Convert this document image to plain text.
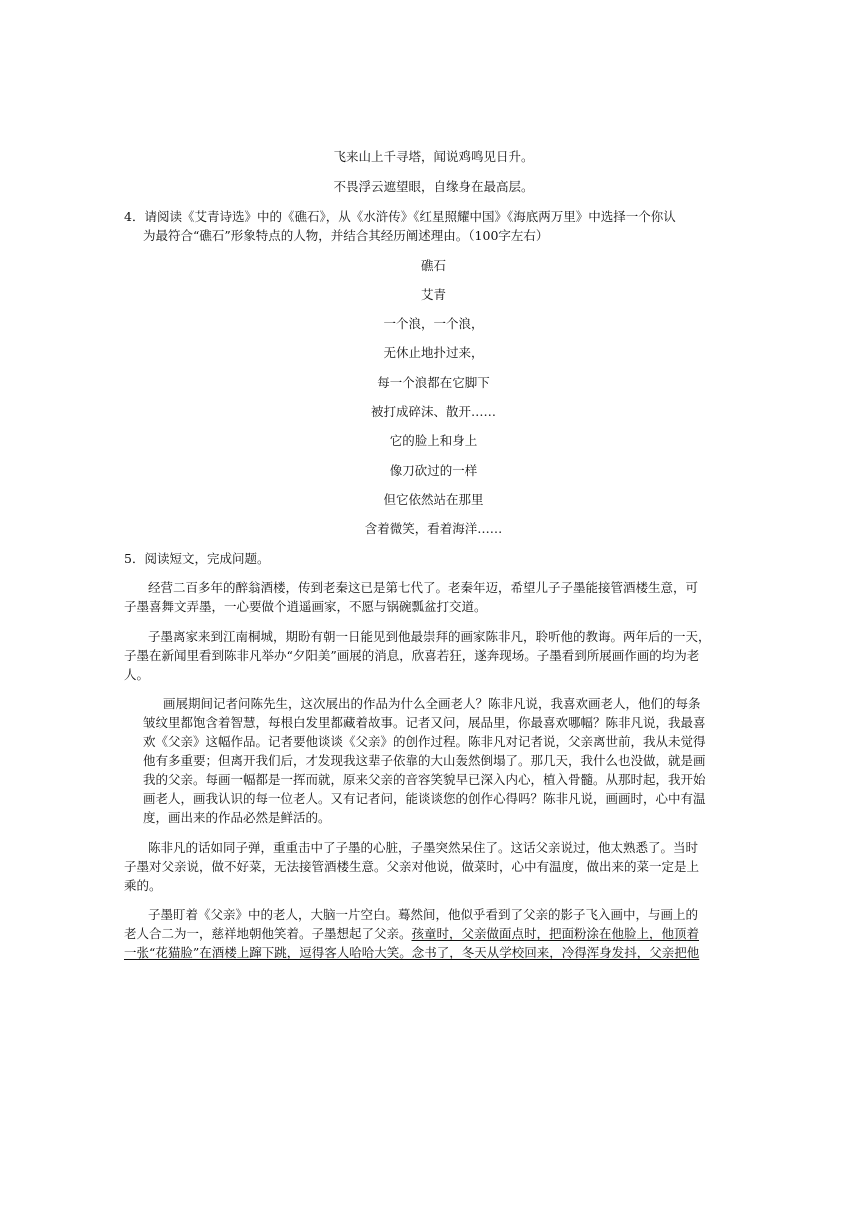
飞来山上千寻塔，闻说鸡鸣见日升。
不畏浮云遮望眼，自缘身在最高层。
4．请阅读《艾青诗选》中的《礁石》，从《水浒传》《红星照耀中国》《海底两万里》中选择一个你认
为最符合“礁石”形象特点的人物，并结合其经历阐述理由。（100字左右）
礁石
艾青
一个浪，一个浪，
无休止地扑过来，
每一个浪都在它脚下
被打成碎沫、散开……
它的脸上和身上
像刀砍过的一样
但它依然站在那里
含着微笑，看着海洋……
5．阅读短文，完成问题。
经营二百多年的醉翁酒楼，传到老秦这已是第七代了。老秦年迈，希望儿子子墨能接管酒楼生意，可
子墨喜舞文弄墨，一心要做个逍遥画家，不愿与锅碗瓢盆打交道。
子墨离家来到江南桐城，期盼有朝一日能见到他最崇拜的画家陈非凡，聆听他的教诲。两年后的一天，
子墨在新闻里看到陈非凡举办“夕阳美”画展的消息，欣喜若狂，遂奔现场。子墨看到所展画作画的均为老
人。
画展期间记者问陈先生，这次展出的作品为什么全画老人？陈非凡说，我喜欢画老人，他们的每条
皱纹里都饱含着智慧，每根白发里都藏着故事。记者又问，展品里，你最喜欢哪幅？陈非凡说，我最喜
欢《父亲》这幅作品。记者要他谈谈《父亲》的创作过程。陈非凡对记者说，父亲离世前，我从未觉得
他有多重要；但离开我们后，才发现我这辈子依靠的大山轰然倒塌了。那几天，我什么也没做，就是画
我的父亲。每画一幅都是一挥而就，原来父亲的音容笑貌早已深入内心，植入骨髓。从那时起，我开始
画老人，画我认识的每一位老人。又有记者问，能谈谈您的创作心得吗？陈非凡说，画画时，心中有温
度，画出来的作品必然是鲜活的。
陈非凡的话如同子弹，重重击中了子墨的心脏，子墨突然呆住了。这话父亲说过，他太熟悉了。当时
子墨对父亲说，做不好菜，无法接管酒楼生意。父亲对他说，做菜时，心中有温度，做出来的菜一定是上
乘的。
子墨盯着《父亲》中的老人，大脑一片空白。蓦然间，他似乎看到了父亲的影子飞入画中，与画上的
老人合二为一，慈祥地朝他笑着。子墨想起了父亲。孩童时，父亲做面点时，把面粉涂在他脸上，他顶着
一张“花猫脸”在酒楼上蹿下跳，逗得客人哈哈大笑。念书了，冬天从学校回来，冷得浑身发抖，父亲把他
